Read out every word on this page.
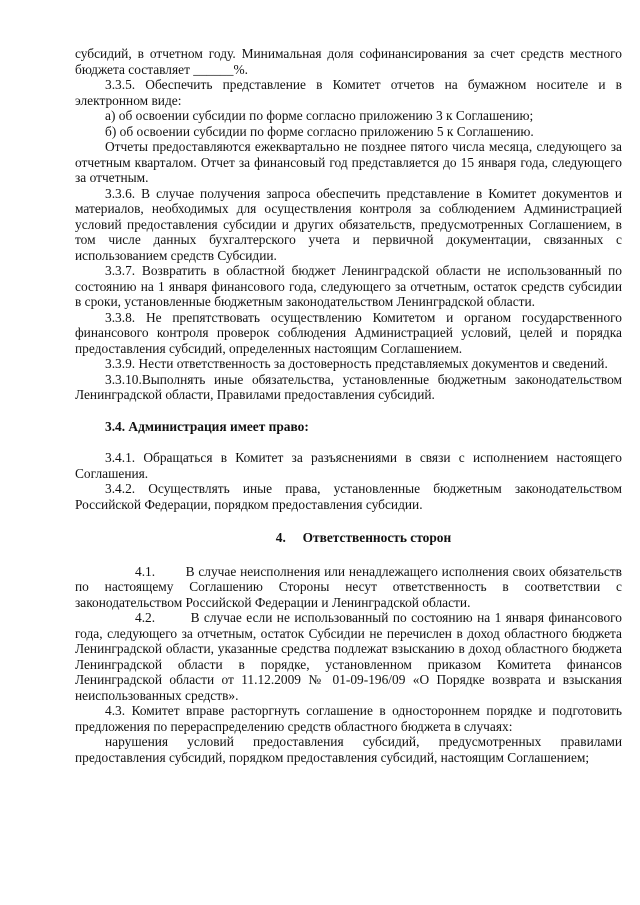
субсидий, в отчетном году. Минимальная доля софинансирования за счет средств местного бюджета составляет ______%.

3.3.5. Обеспечить представление в Комитет отчетов на бумажном носителе и в электронном виде:

а) об освоении субсидии по форме согласно приложению 3 к Соглашению;

б) об освоении субсидии по форме согласно приложению 5 к Соглашению.

Отчеты предоставляются ежеквартально не позднее пятого числа месяца, следующего за отчетным кварталом. Отчет за финансовый год представляется до 15 января года, следующего за отчетным.

3.3.6. В случае получения запроса обеспечить представление в Комитет документов и материалов, необходимых для осуществления контроля за соблюдением Администрацией условий предоставления субсидии и других обязательств, предусмотренных Соглашением, в том числе данных бухгалтерского учета и первичной документации, связанных с использованием средств Субсидии.

3.3.7. Возвратить в областной бюджет Ленинградской области не использованный по состоянию на 1 января финансового года, следующего за отчетным, остаток средств субсидии в сроки, установленные бюджетным законодательством Ленинградской области.

3.3.8. Не препятствовать осуществлению Комитетом и органом государственного финансового контроля проверок соблюдения Администрацией условий, целей и порядка предоставления субсидий, определенных настоящим Соглашением.

3.3.9. Нести ответственность за достоверность представляемых документов и сведений.

3.3.10.Выполнять иные обязательства, установленные бюджетным законодательством Ленинградской области, Правилами предоставления субсидий.

3.4. Администрация имеет право:

3.4.1. Обращаться в Комитет за разъяснениями в связи с исполнением настоящего Соглашения.

3.4.2. Осуществлять иные права, установленные бюджетным законодательством Российской Федерации, порядком предоставления субсидии.

4. Ответственность сторон

4.1. В случае неисполнения или ненадлежащего исполнения своих обязательств по настоящему Соглашению Стороны несут ответственность в соответствии с законодательством Российской Федерации и Ленинградской области.

4.2.	В случае если не использованный по состоянию на 1 января финансового года, следующего за отчетным, остаток Субсидии не перечислен в доход областного бюджета Ленинградской области, указанные средства подлежат взысканию в доход областного бюджета Ленинградской области в порядке, установленном приказом Комитета финансов Ленинградской области от 11.12.2009 № 01-09-196/09 «О Порядке возврата и взыскания неиспользованных средств».

4.3. Комитет вправе расторгнуть соглашение в одностороннем порядке и подготовить предложения по перераспределению средств областного бюджета в случаях:

нарушения условий предоставления субсидий, предусмотренных правилами предоставления субсидий, порядком предоставления субсидий, настоящим Соглашением;
